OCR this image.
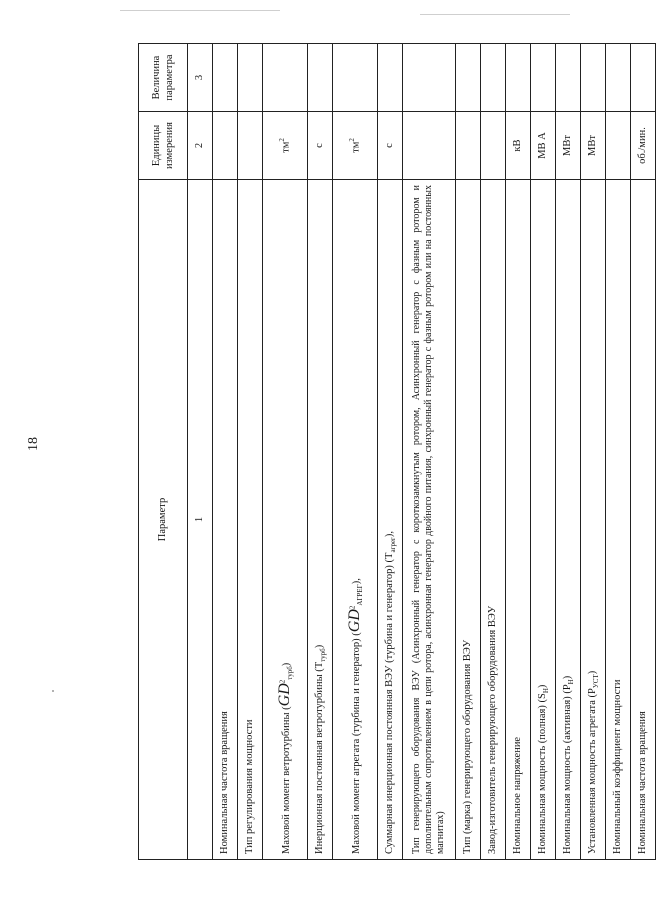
18
Параметр	Единицы измерения	Величина параметра
1	2	3
Номинальная частота вращения		
Тип регулирования мощности		
Маховой момент ветротурбины $(GD^2_{турб})$	$тм^2$	
Инерционная постоянная ветротурбины $(T_{турб})$	с	
Маховой момент агрегата (турбина и генератор) $(GD^2_{АГРЕГ})$,	$тм^2$	
Суммарная инерционная постоянная ВЭУ (турбина и генератор) $(T_{агрег})$,	с	
Тип генерирующего оборудования ВЭУ (Асинхронный генератор с короткозамкнутым ротором, Асинхронный генератор с фазным ротором и дополнительным сопротивлением в цепи ротора, асинхронная генератор двойного питания, синхронный генератор с фазным ротором или на постоянных магнитах)		
Тип (марка) генерирующего оборудования ВЭУ		
Завод-изготовитель генерирующего оборудования ВЭУ		
Номинальное напряжение	кВ	
Номинальная мощность (полная) $(S_Н)$	МВ А	
Номинальная мощность (активная) $(P_Н)$	МВт	
Установленная мощность агрегата $(P_{УСТ})$	МВт	
Номинальный коэффициент мощности		
Номинальная частота вращения	об./мин.	
